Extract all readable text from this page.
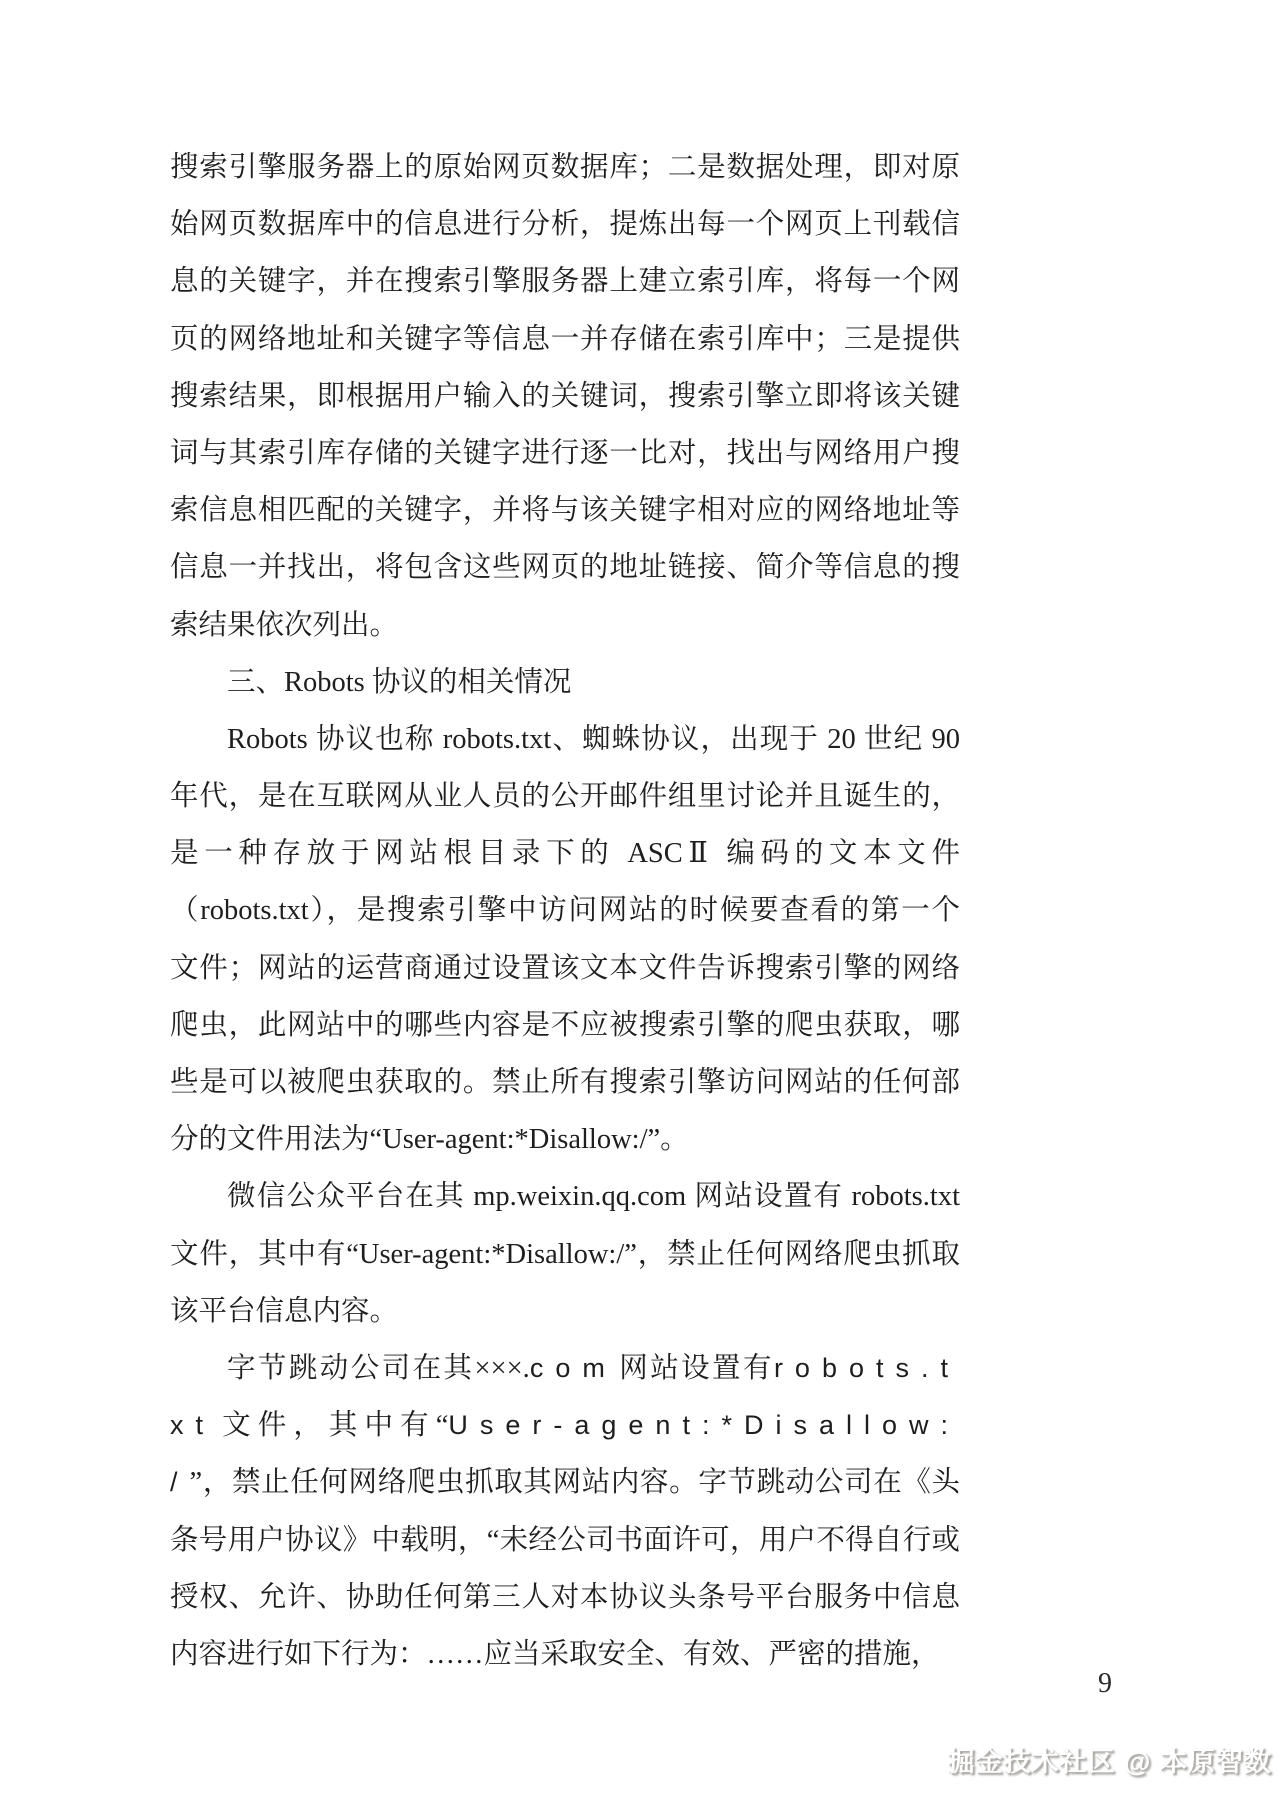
搜索引擎服务器上的原始网页数据库；二是数据处理，即对原
始网页数据库中的信息进行分析，提炼出每一个网页上刊载信
息的关键字，并在搜索引擎服务器上建立索引库，将每一个网
页的网络地址和关键字等信息一并存储在索引库中；三是提供
搜索结果，即根据用户输入的关键词，搜索引擎立即将该关键
词与其索引库存储的关键字进行逐一比对，找出与网络用户搜
索信息相匹配的关键字，并将与该关键字相对应的网络地址等
信息一并找出，将包含这些网页的地址链接、简介等信息的搜
索结果依次列出。
三、Robots 协议的相关情况
Robots 协议也称 robots.txt、蜘蛛协议，出现于 20 世纪 90
年代，是在互联网从业人员的公开邮件组里讨论并且诞生的，
是一种存放于网站根目录下的 ASCⅡ 编码的文本文件
（robots.txt），是搜索引擎中访问网站的时候要查看的第一个
文件；网站的运营商通过设置该文本文件告诉搜索引擎的网络
爬虫，此网站中的哪些内容是不应被搜索引擎的爬虫获取，哪
些是可以被爬虫获取的。禁止所有搜索引擎访问网站的任何部
分的文件用法为“User-agent:*Disallow:/”。
微信公众平台在其 mp.weixin.qq.com 网站设置有 robots.txt
文件，其中有“User-agent:*Disallow:/”，禁止任何网络爬虫抓取
该平台信息内容。
字节跳动公司在其×××.com网站设置有robots.t
xt文件，其中有“User-agent:*Disallow:
/”，禁止任何网络爬虫抓取其网站内容。字节跳动公司在《头
条号用户协议》中载明，“未经公司书面许可，用户不得自行或
授权、允许、协助任何第三人对本协议头条号平台服务中信息
内容进行如下行为：……应当采取安全、有效、严密的措施，
9
掘金技术社区 @ 本原智数
